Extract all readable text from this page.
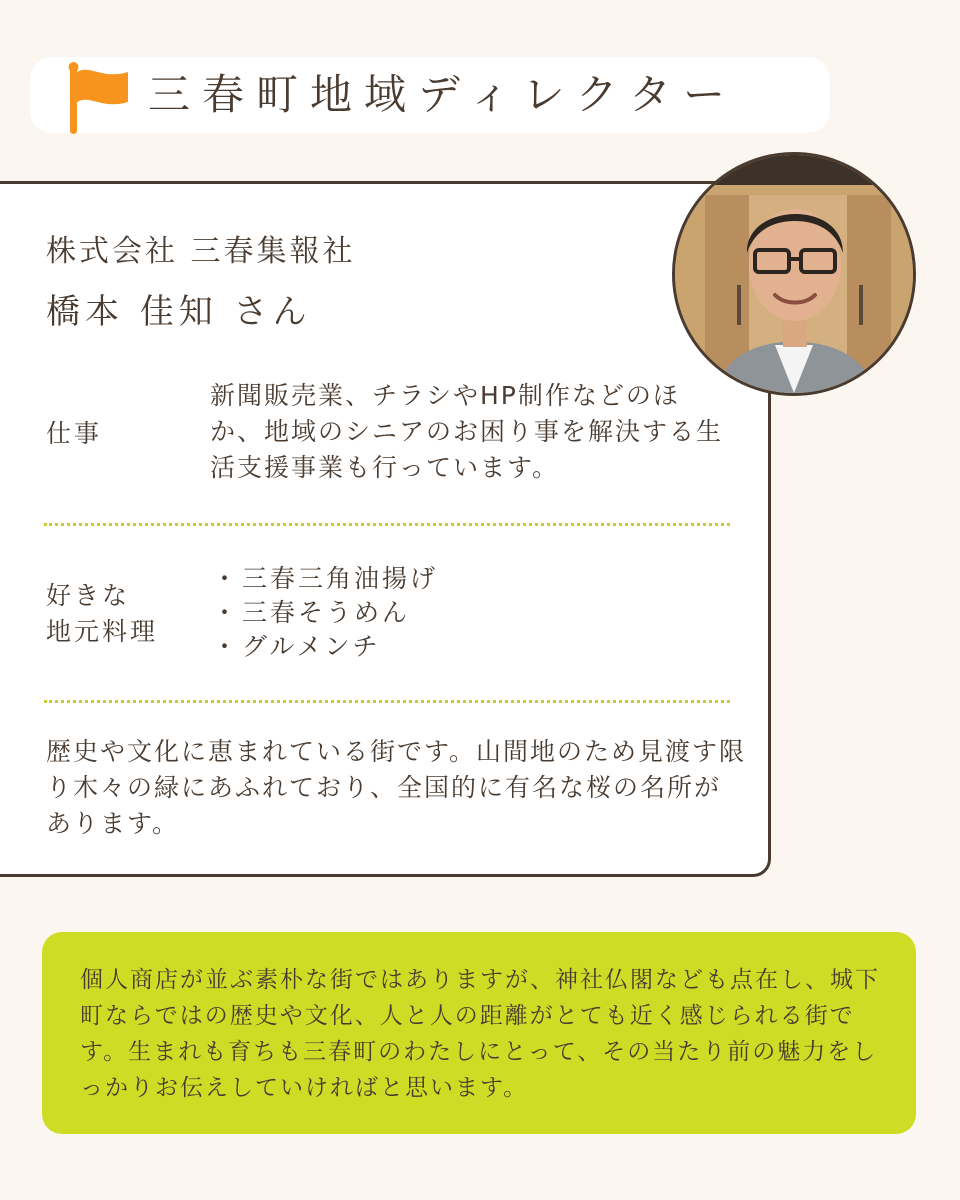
三春町地域ディレクター
株式会社 三春集報社
橋本 佳知 さん
仕事
新聞販売業、チラシやHP制作などのほか、地域のシニアのお困り事を解決する生活支援事業も行っています。
好きな
地元料理
・ 三春三角油揚げ
・ 三春そうめん
・ グルメンチ
歴史や文化に恵まれている街です。山間地のため見渡す限り木々の緑にあふれており、全国的に有名な桜の名所があります。
個人商店が並ぶ素朴な街ではありますが、神社仏閣なども点在し、城下町ならではの歴史や文化、人と人の距離がとても近く感じられる街です。生まれも育ちも三春町のわたしにとって、その当たり前の魅力をしっかりお伝えしていければと思います。
